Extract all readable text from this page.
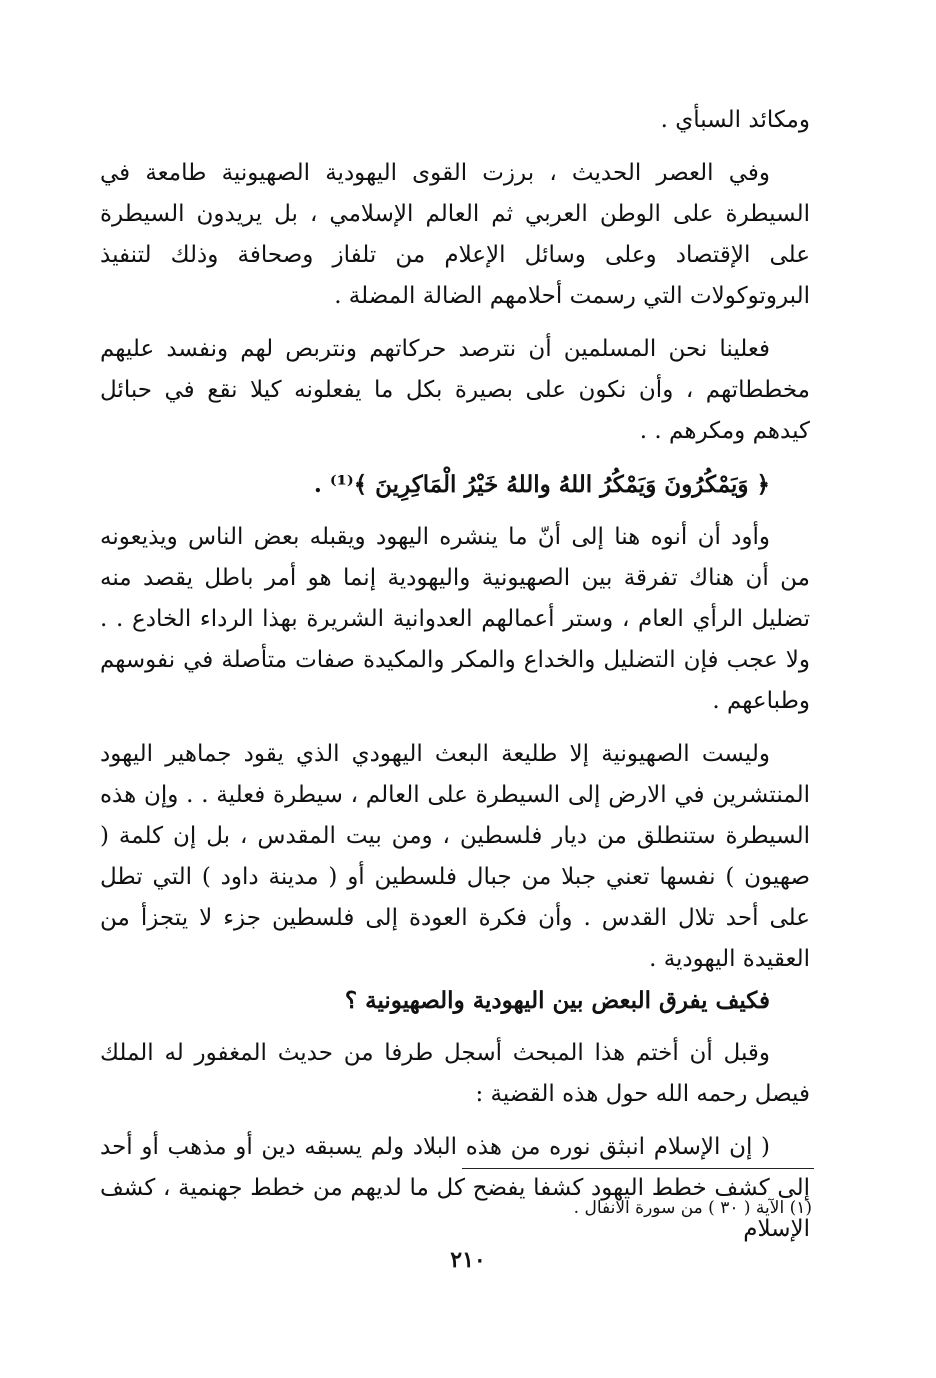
ومكائد السبأي .

وفي العصر الحديث ، برزت القوى اليهودية الصهيونية طامعة في السيطرة على الوطن العربي ثم العالم الإسلامي ، بل يريدون السيطرة على الإقتصاد وعلى وسائل الإعلام من تلفاز وصحافة وذلك لتنفيذ البروتوكولات التي رسمت أحلامهم الضالة المضلة .

فعلينا نحن المسلمين أن نترصد حركاتهم ونتربص لهم ونفسد عليهم مخططاتهم ، وأن نكون على بصيرة بكل ما يفعلونه كيلا نقع في حبائل كيدهم ومكرهم . .

﴿ وَيَمْكُرُونَ وَيَمْكُرُ اللهُ واللهُ خَيْرُ الْمَاكِرِينَ ﴾⁽¹⁾ .

وأود أن أنوه هنا إلى أنّ ما ينشره اليهود ويقبله بعض الناس ويذيعونه من أن هناك تفرقة بين الصهيونية واليهودية إنما هو أمر باطل يقصد منه تضليل الرأي العام ، وستر أعمالهم العدوانية الشريرة بهذا الرداء الخادع . . ولا عجب فإن التضليل والخداع والمكر والمكيدة صفات متأصلة في نفوسهم وطباعهم .

وليست الصهيونية إلا طليعة البعث اليهودي الذي يقود جماهير اليهود المنتشرين في الارض إلى السيطرة على العالم ، سيطرة فعلية . . وإن هذه السيطرة ستنطلق من ديار فلسطين ، ومن بيت المقدس ، بل إن كلمة ( صهيون ) نفسها تعني جبلا من جبال فلسطين أو ( مدينة داود ) التي تطل على أحد تلال القدس . وأن فكرة العودة إلى فلسطين جزء لا يتجزأ من العقيدة اليهودية .

فكيف يفرق البعض بين اليهودية والصهيونية ؟

وقبل أن أختم هذا المبحث أسجل طرفا من حديث المغفور له الملك فيصل رحمه الله حول هذه القضية :

( إن الإسلام انبثق نوره من هذه البلاد ولم يسبقه دين أو مذهب أو أحد إلى كشف خطط اليهود كشفا يفضح كل ما لديهم من خطط جهنمية ، كشف الإسلام

(١) الآية ( ٣٠ ) من سورة الانفال .
٢١٠
